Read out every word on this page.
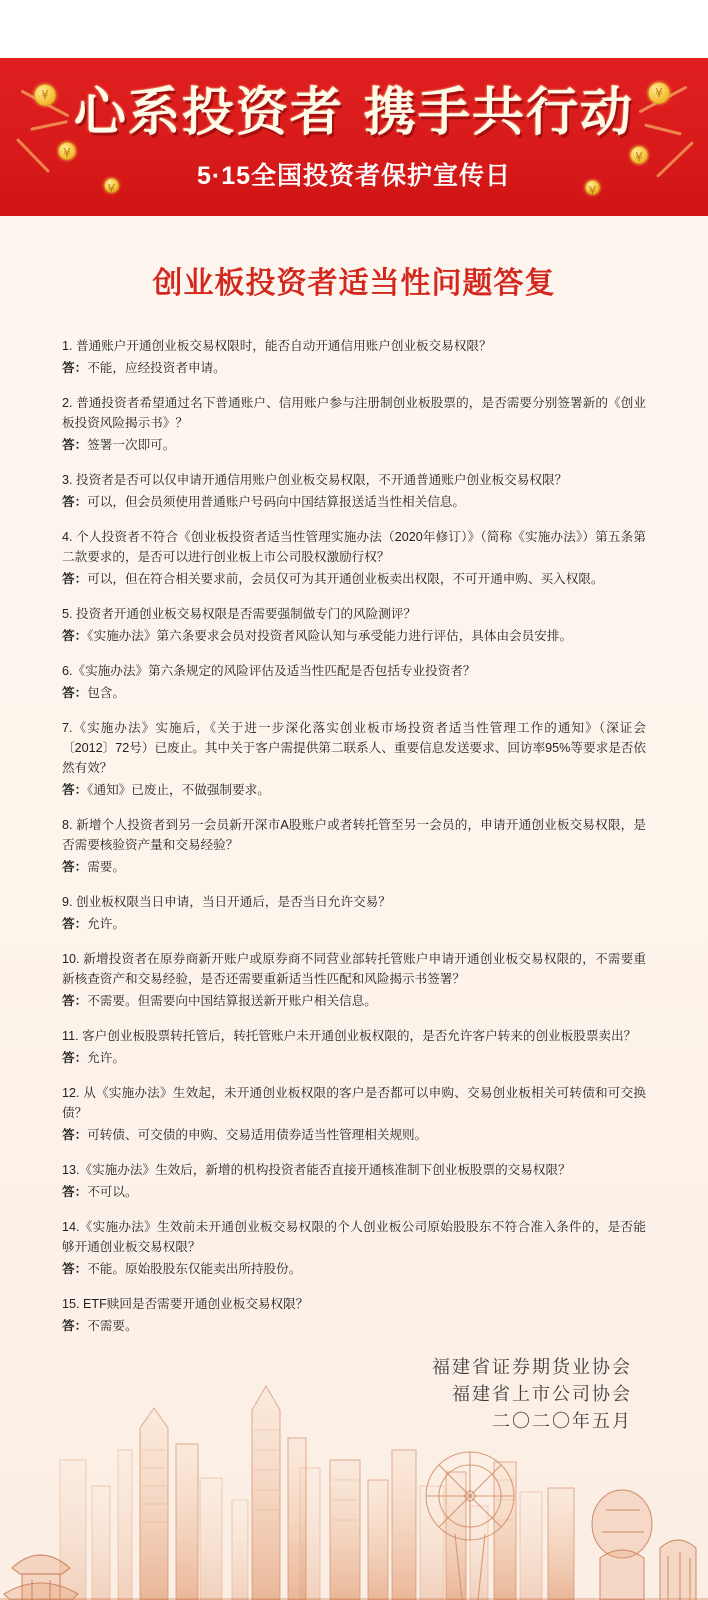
¥
¥
¥
¥
¥
¥
心系投资者 携手共行动
5·15全国投资者保护宣传日
创业板投资者适当性问题答复

1. 普通账户开通创业板交易权限时，能否自动开通信用账户创业板交易权限？

答：不能，应经投资者申请。

2. 普通投资者希望通过名下普通账户、信用账户参与注册制创业板股票的，是否需要分别签署新的《创业板投资风险揭示书》？

答：签署一次即可。

3. 投资者是否可以仅申请开通信用账户创业板交易权限，不开通普通账户创业板交易权限？

答：可以，但会员须使用普通账户号码向中国结算报送适当性相关信息。

4. 个人投资者不符合《创业板投资者适当性管理实施办法（2020年修订）》（简称《实施办法》）第五条第二款要求的，是否可以进行创业板上市公司股权激励行权？

答：可以，但在符合相关要求前，会员仅可为其开通创业板卖出权限，不可开通申购、买入权限。

5. 投资者开通创业板交易权限是否需要强制做专门的风险测评？

答：《实施办法》第六条要求会员对投资者风险认知与承受能力进行评估，具体由会员安排。

6.《实施办法》第六条规定的风险评估及适当性匹配是否包括专业投资者？

答：包含。

7.《实施办法》实施后，《关于进一步深化落实创业板市场投资者适当性管理工作的通知》（深证会〔2012〕72号）已废止。其中关于客户需提供第二联系人、重要信息发送要求、回访率95%等要求是否依然有效？

答：《通知》已废止，不做强制要求。

8. 新增个人投资者到另一会员新开深市A股账户或者转托管至另一会员的，申请开通创业板交易权限，是否需要核验资产量和交易经验？

答：需要。

9. 创业板权限当日申请，当日开通后，是否当日允许交易？

答：允许。

10. 新增投资者在原券商新开账户或原券商不同营业部转托管账户申请开通创业板交易权限的，不需要重新核查资产和交易经验，是否还需要重新适当性匹配和风险揭示书签署？

答：不需要。但需要向中国结算报送新开账户相关信息。

11. 客户创业板股票转托管后，转托管账户未开通创业板权限的，是否允许客户转来的创业板股票卖出？

答：允许。

12. 从《实施办法》生效起，未开通创业板权限的客户是否都可以申购、交易创业板相关可转债和可交换债？

答：可转债、可交债的申购、交易适用债券适当性管理相关规则。

13.《实施办法》生效后，新增的机构投资者能否直接开通核准制下创业板股票的交易权限？

答：不可以。

14.《实施办法》生效前未开通创业板交易权限的个人创业板公司原始股股东不符合准入条件的，是否能够开通创业板交易权限？

答：不能。原始股股东仅能卖出所持股份。

15. ETF赎回是否需要开通创业板交易权限？

答：不需要。

福建省证券期货业协会
福建省上市公司协会
二〇二〇年五月
